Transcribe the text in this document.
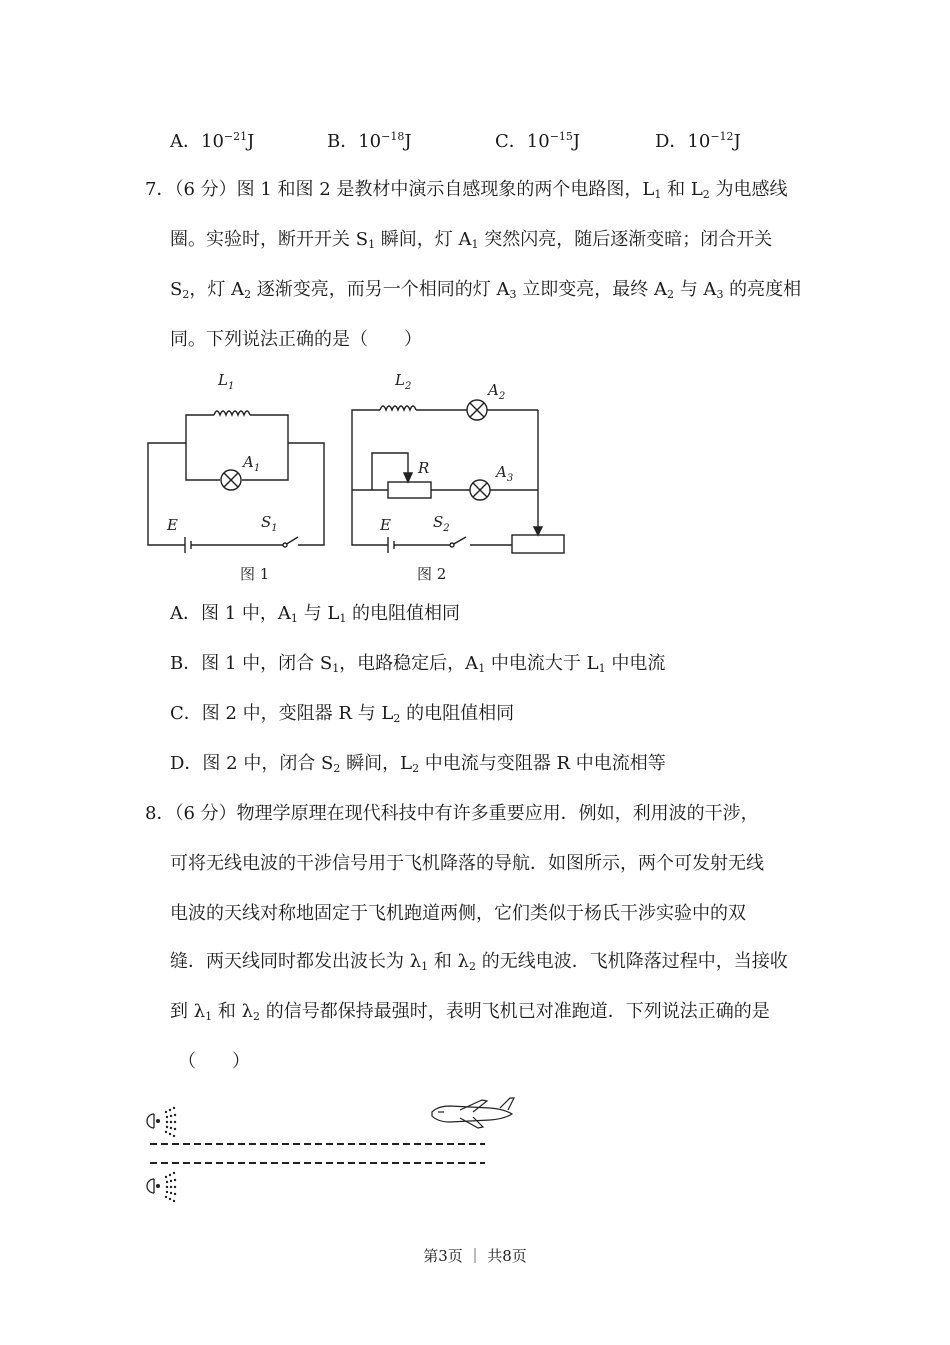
A．$10^{-21}J$	B．$10^{-18}J$	C．$10^{-15}J$	D．$10^{-12}J$
7．（6 分）图 1 和图 2 是教材中演示自感现象的两个电路图，$L_1$ 和 $L_2$ 为电感线
圈。实验时，断开开关 $S_1$ 瞬间，灯 $A_1$ 突然闪亮，随后逐渐变暗；闭合开关
$S_2$，灯 $A_2$ 逐渐变亮，而另一个相同的灯 $A_3$ 立即变亮，最终 $A_2$ 与 $A_3$ 的亮度相
同。下列说法正确的是（　　）
$L_1$
$A_1$
E	$S_1$
图 1
$L_2$	$A_2$
R	$A_3$
E	$S_2$
图 2
A．图 1 中，$A_1$ 与 $L_1$ 的电阻值相同
B．图 1 中，闭合 $S_1$，电路稳定后，$A_1$ 中电流大于 $L_1$ 中电流
C．图 2 中，变阻器 R 与 $L_2$ 的电阻值相同
D．图 2 中，闭合 $S_2$ 瞬间，$L_2$ 中电流与变阻器 R 中电流相等
8．（6 分）物理学原理在现代科技中有许多重要应用．例如，利用波的干涉，
可将无线电波的干涉信号用于飞机降落的导航．如图所示，两个可发射无线
电波的天线对称地固定于飞机跑道两侧，它们类似于杨氏干涉实验中的双
缝．两天线同时都发出波长为 $\lambda_1$ 和 $\lambda_2$ 的无线电波．飞机降落过程中，当接收
到 $\lambda_1$ 和 $\lambda_2$ 的信号都保持最强时，表明飞机已对准跑道．下列说法正确的是
（　　）
第3页 ｜ 共8页
